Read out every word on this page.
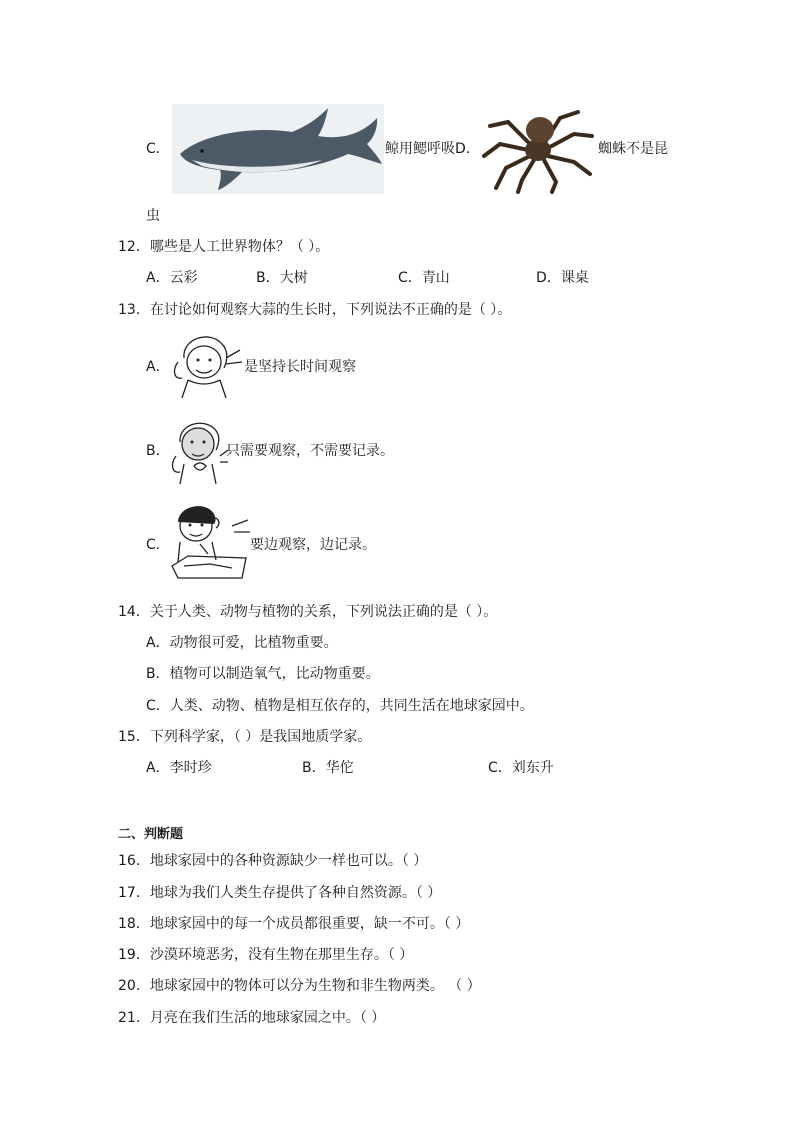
C．	鲸用鳃呼吸 D．	蜘蛛不是昆
虫
12．哪些是人工世界物体？（ ）。
A．云彩	B．大树	C．青山	D．课桌
13．在讨论如何观察大蒜的生长时，下列说法不正确的是（ ）。
A．	是坚持长时间观察
B．	只需要观察，不需要记录。
C．	要边观察，边记录。
14．关于人类、动物与植物的关系，下列说法正确的是（ ）。
A．动物很可爱，比植物重要。
B．植物可以制造氧气，比动物重要。
C．人类、动物、植物是相互依存的，共同生活在地球家园中。
15．下列科学家，（ ）是我国地质学家。
A．李时珍	B．华佗	C．刘东升
二、判断题
16．地球家园中的各种资源缺少一样也可以。（ ）
17．地球为我们人类生存提供了各种自然资源。（ ）
18．地球家园中的每一个成员都很重要，缺一不可。（ ）
19．沙漠环境恶劣，没有生物在那里生存。（ ）
20．地球家园中的物体可以分为生物和非生物两类。 （ ）
21．月亮在我们生活的地球家园之中。（ ）
